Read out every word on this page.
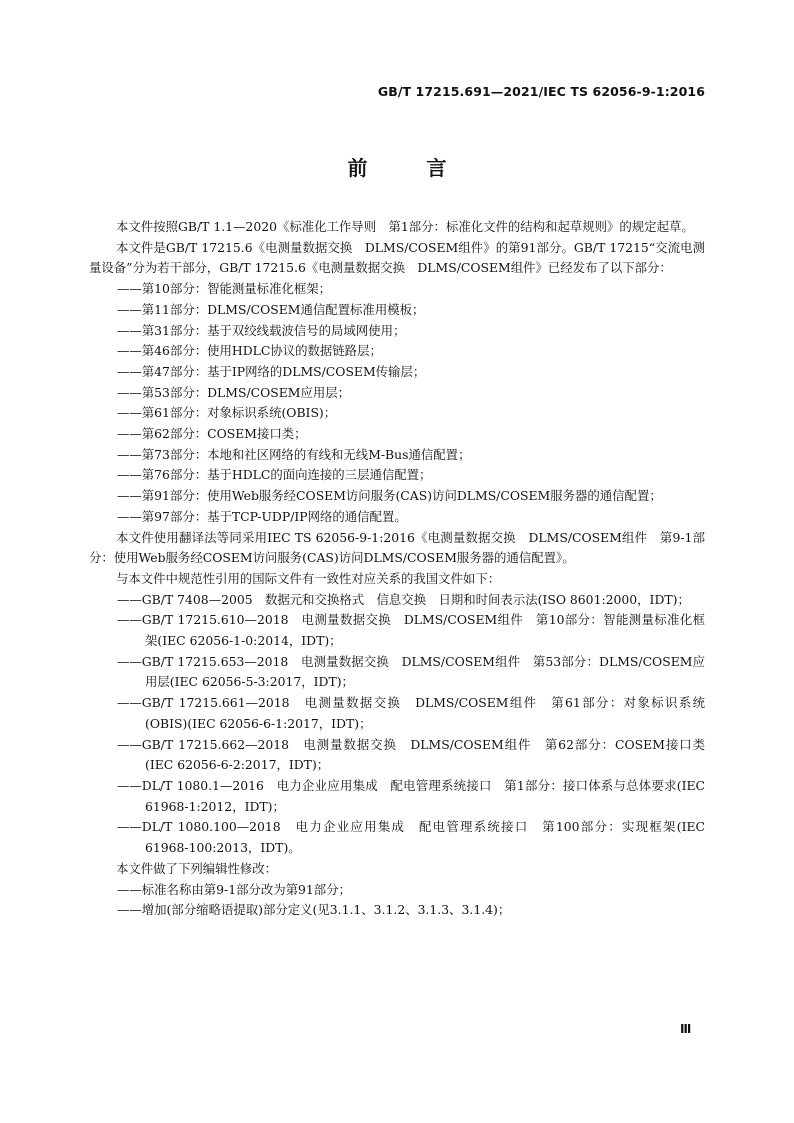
GB/T 17215.691—2021/IEC TS 62056-9-1:2016
前 言

本文件按照GB/T 1.1—2020《标准化工作导则　第1部分：标准化文件的结构和起草规则》的规定起草。

本文件是GB/T 17215.6《电测量数据交换　DLMS/COSEM组件》的第91部分。GB/T 17215“交流电测量设备”分为若干部分，GB/T 17215.6《电测量数据交换　DLMS/COSEM组件》已经发布了以下部分：

——第10部分：智能测量标准化框架；

——第11部分：DLMS/COSEM通信配置标准用模板；

——第31部分：基于双绞线载波信号的局域网使用；

——第46部分：使用HDLC协议的数据链路层；

——第47部分：基于IP网络的DLMS/COSEM传输层；

——第53部分：DLMS/COSEM应用层；

——第61部分：对象标识系统(OBIS)；

——第62部分：COSEM接口类；

——第73部分：本地和社区网络的有线和无线M-Bus通信配置；

——第76部分：基于HDLC的面向连接的三层通信配置；

——第91部分：使用Web服务经COSEM访问服务(CAS)访问DLMS/COSEM服务器的通信配置；

——第97部分：基于TCP-UDP/IP网络的通信配置。

本文件使用翻译法等同采用IEC TS 62056-9-1:2016《电测量数据交换　DLMS/COSEM组件　第9-1部分：使用Web服务经COSEM访问服务(CAS)访问DLMS/COSEM服务器的通信配置》。

与本文件中规范性引用的国际文件有一致性对应关系的我国文件如下：

——GB/T 7408—2005　数据元和交换格式　信息交换　日期和时间表示法(ISO 8601:2000，IDT)；

——GB/T 17215.610—2018　电测量数据交换　DLMS/COSEM组件　第10部分：智能测量标准化框架(IEC 62056-1-0:2014，IDT)；

——GB/T 17215.653—2018　电测量数据交换　DLMS/COSEM组件　第53部分：DLMS/COSEM应用层(IEC 62056-5-3:2017，IDT)；

——GB/T 17215.661—2018　电测量数据交换　DLMS/COSEM组件　第61部分：对象标识系统(OBIS)(IEC 62056-6-1:2017，IDT)；

——GB/T 17215.662—2018　电测量数据交换　DLMS/COSEM组件　第62部分：COSEM接口类(IEC 62056-6-2:2017，IDT)；

——DL/T 1080.1—2016　电力企业应用集成　配电管理系统接口　第1部分：接口体系与总体要求(IEC 61968-1:2012，IDT)；

——DL/T 1080.100—2018　电力企业应用集成　配电管理系统接口　第100部分：实现框架(IEC 61968-100:2013，IDT)。

本文件做了下列编辑性修改：

——标准名称由第9-1部分改为第91部分；

——增加(部分缩略语提取)部分定义(见3.1.1、3.1.2、3.1.3、3.1.4)；

Ⅲ
